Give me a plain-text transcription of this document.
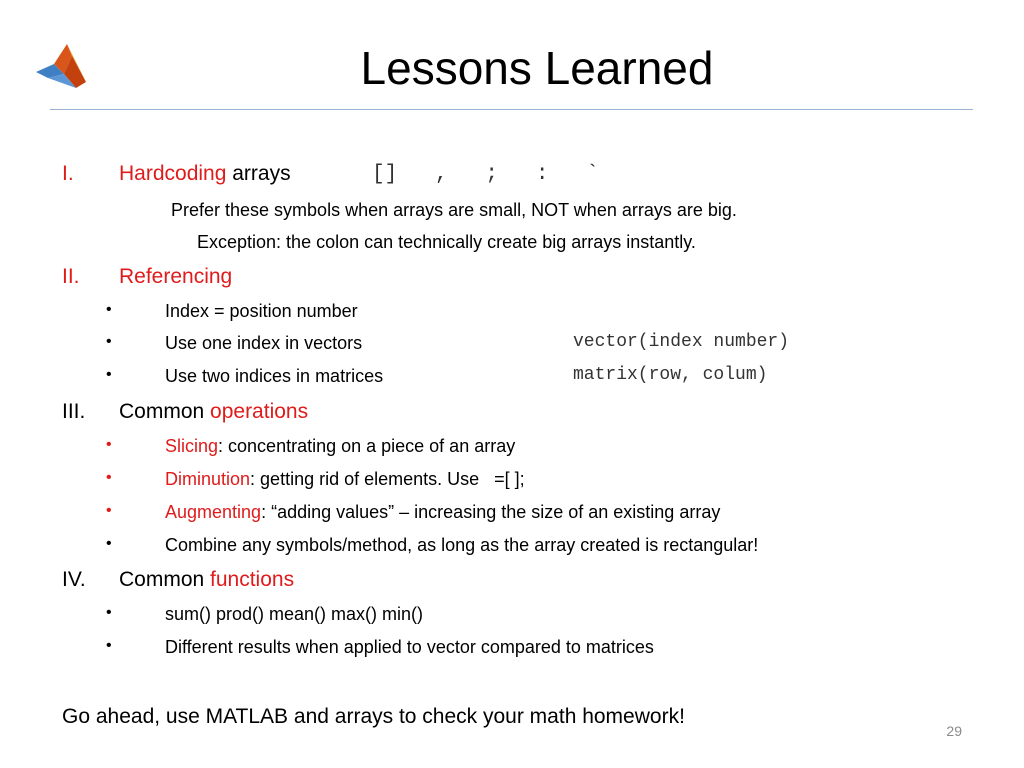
Lessons Learned
I. Hardcoding arrays	[]   ,   ;   :   `
Prefer these symbols when arrays are small, NOT when arrays are big.
Exception: the colon can technically create big arrays instantly.
II. Referencing
•	Index = position number
•	Use one index in vectors	vector(index number)
•	Use two indices in matrices	matrix(row, colum)
III. Common operations
•	Slicing: concentrating on a piece of an array
•	Diminution: getting rid of elements. Use   =[ ];
•	Augmenting: “adding values” – increasing the size of an existing array
•	Combine any symbols/method, as long as the array created is rectangular!
IV. Common functions
•	sum() prod() mean() max() min()
•	Different results when applied to vector compared to matrices
Go ahead, use MATLAB and arrays to check your math homework!
29
